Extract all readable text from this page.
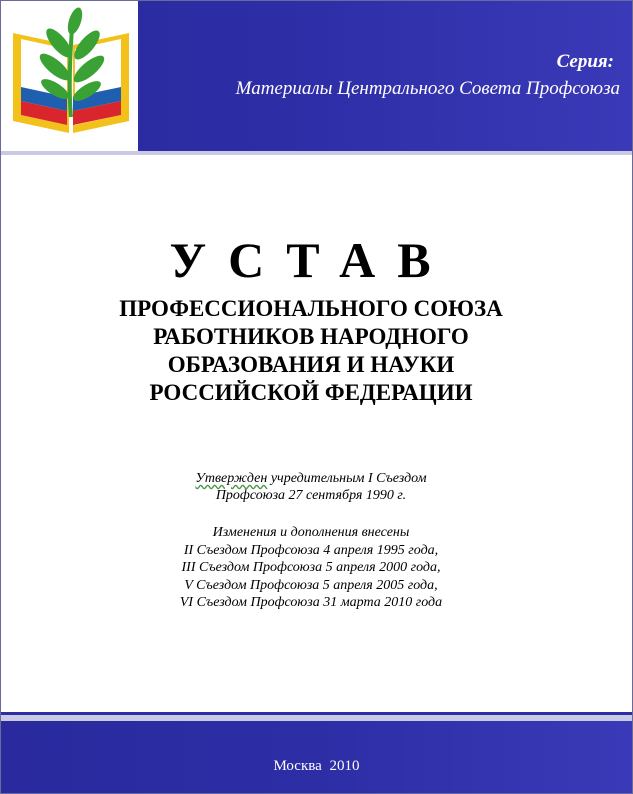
Серия:
Материалы Центрального Совета Профсоюза
УСТАВ
ПРОФЕССИОНАЛЬНОГО СОЮЗА
РАБОТНИКОВ НАРОДНОГО
ОБРАЗОВАНИЯ И НАУКИ
РОССИЙСКОЙ ФЕДЕРАЦИИ
Утвержден учредительным I Съездом
Профсоюза 27 сентября 1990 г.
Изменения и дополнения внесены
II Съездом Профсоюза 4 апреля 1995 года,
III Съездом Профсоюза 5 апреля 2000 года,
V Съездом Профсоюза 5 апреля 2005 года,
VI Съездом Профсоюза 31 марта 2010 года
Москва 2010
